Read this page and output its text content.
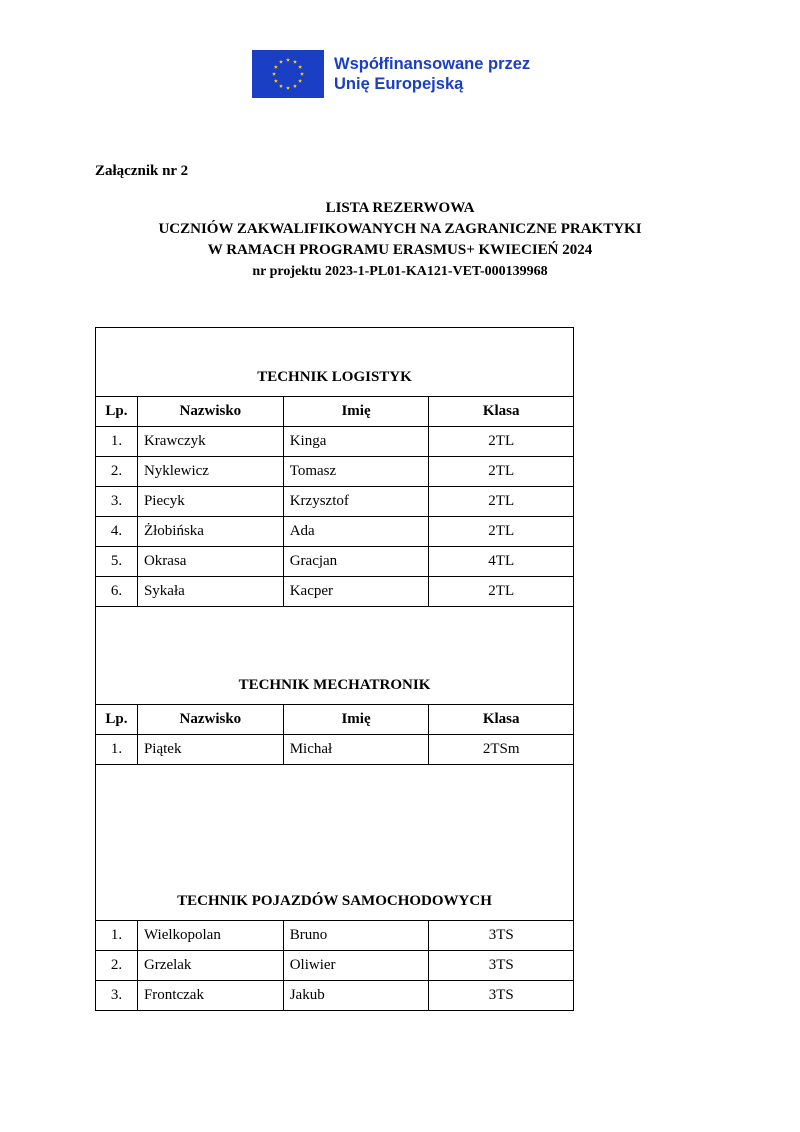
Współfinansowane przez
Unię Europejską
Załącznik nr 2
LISTA REZERWOWA
UCZNIÓW ZAKWALIFIKOWANYCH NA ZAGRANICZNE PRAKTYKI
W RAMACH PROGRAMU ERASMUS+ KWIECIEŃ 2024
nr projektu 2023-1-PL01-KA121-VET-000139968
TECHNIK LOGISTYK			
Lp.	Nazwisko	Imię	Klasa
1.	Krawczyk	Kinga	2TL
2.	Nyklewicz	Tomasz	2TL
3.	Piecyk	Krzysztof	2TL
4.	Żłobińska	Ada	2TL
5.	Okrasa	Gracjan	4TL
6.	Sykała	Kacper	2TL
TECHNIK MECHATRONIK			
Lp.	Nazwisko	Imię	Klasa
1.	Piątek	Michał	2TSm
TECHNIK POJAZDÓW SAMOCHODOWYCH			
1.	Wielkopolan	Bruno	3TS
2.	Grzelak	Oliwier	3TS
3.	Frontczak	Jakub	3TS
